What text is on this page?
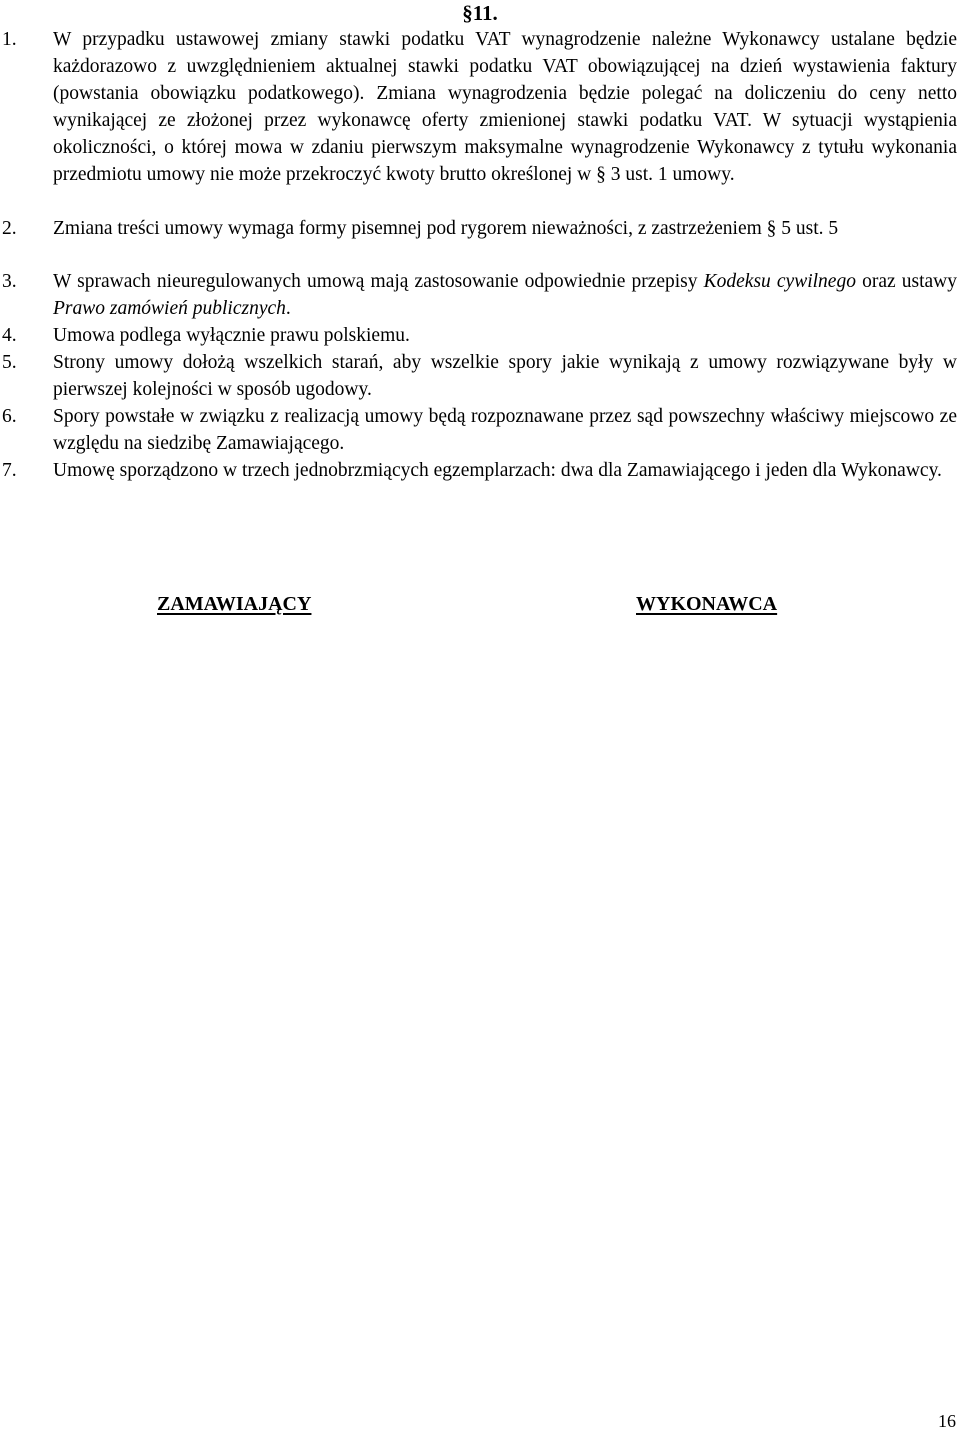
§11.
1.	W przypadku ustawowej zmiany stawki podatku VAT wynagrodzenie należne Wykonawcy ustalane będzie każdorazowo z uwzględnieniem aktualnej stawki podatku VAT obowiązującej na dzień wystawienia faktury (powstania obowiązku podatkowego). Zmiana wynagrodzenia będzie polegać na doliczeniu do ceny netto wynikającej ze złożonej przez wykonawcę oferty zmienionej stawki podatku VAT. W sytuacji wystąpienia okoliczności, o której mowa w zdaniu pierwszym maksymalne wynagrodzenie Wykonawcy z tytułu wykonania przedmiotu umowy nie może przekroczyć kwoty brutto określonej w § 3 ust. 1 umowy.
2.	Zmiana treści umowy wymaga formy pisemnej pod rygorem nieważności, z zastrzeżeniem § 5 ust. 5
3.	W sprawach nieuregulowanych umową mają zastosowanie odpowiednie przepisy Kodeksu cywilnego oraz ustawy Prawo zamówień publicznych.
4.	Umowa podlega wyłącznie prawu polskiemu.
5.	Strony umowy dołożą wszelkich starań, aby wszelkie spory jakie wynikają z umowy rozwiązywane były w pierwszej kolejności w sposób ugodowy.
6.	Spory powstałe w związku z realizacją umowy będą rozpoznawane przez sąd powszechny właściwy miejscowo ze względu na siedzibę Zamawiającego.
7.	Umowę sporządzono w trzech jednobrzmiących egzemplarzach: dwa dla Zamawiającego i jeden dla Wykonawcy.
ZAMAWIAJĄCY	WYKONAWCA
16
